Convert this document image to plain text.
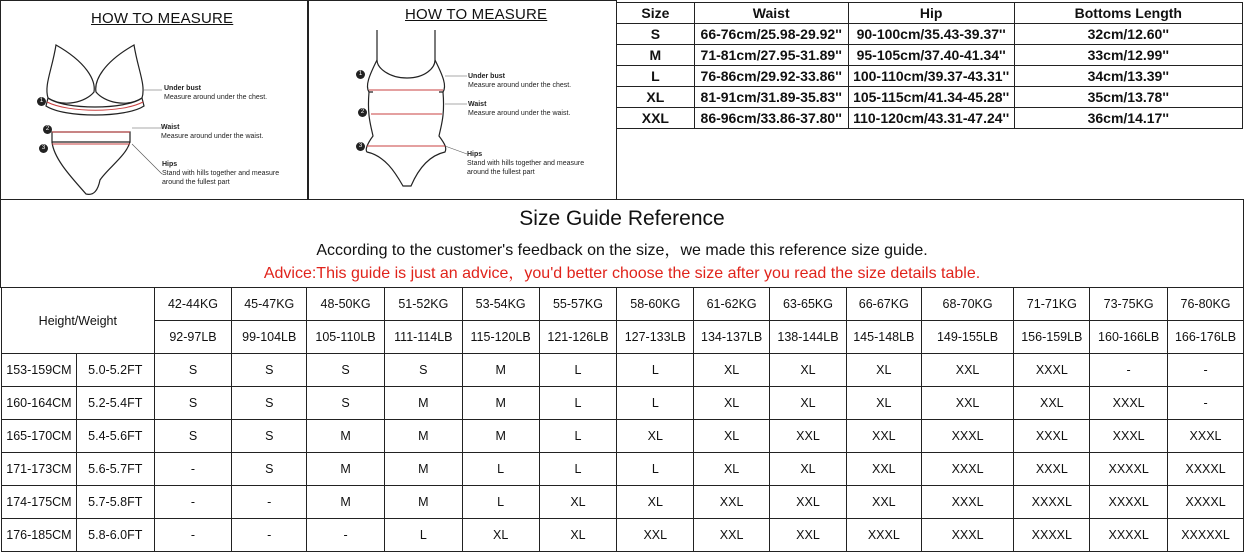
HOW TO MEASURE
1
2
3
Under bust
Measure around under the chest.
Waist
Measure around under the waist.
Hips
Stand with hills together and measure around the fullest part
HOW TO MEASURE
1
2
3
Under bust
Measure around under the chest.
Waist
Measure around under the waist.
Hips
Stand with hills together and measure around the fullest part
Size	Waist	Hip	Bottoms Length
S	66-76cm/25.98-29.92''	90-100cm/35.43-39.37''	32cm/12.60''
M	71-81cm/27.95-31.89''	95-105cm/37.40-41.34''	33cm/12.99''
L	76-86cm/29.92-33.86''	100-110cm/39.37-43.31''	34cm/13.39''
XL	81-91cm/31.89-35.83''	105-115cm/41.34-45.28''	35cm/13.78''
XXL	86-96cm/33.86-37.80''	110-120cm/43.31-47.24''	36cm/14.17''
Size Guide Reference
According to the customer's feedback on the size，we made this reference size guide.
Advice:This guide is just an advice，you'd better choose the size after you read the size details table.
Height/Weight		42-44KG	45-47KG	48-50KG	51-52KG	53-54KG	55-57KG	58-60KG	61-62KG	63-65KG	66-67KG	68-70KG	71-71KG	73-75KG	76-80KG
		92-97LB	99-104LB	105-110LB	111-114LB	115-120LB	121-126LB	127-133LB	134-137LB	138-144LB	145-148LB	149-155LB	156-159LB	160-166LB	166-176LB
153-159CM	5.0-5.2FT	S	S	S	S	M	L	L	XL	XL	XL	XXL	XXXL	-	-
160-164CM	5.2-5.4FT	S	S	S	M	M	L	L	XL	XL	XL	XXL	XXL	XXXL	-
165-170CM	5.4-5.6FT	S	S	M	M	M	L	XL	XL	XXL	XXL	XXXL	XXXL	XXXL	XXXL
171-173CM	5.6-5.7FT	-	S	M	M	L	L	L	XL	XL	XXL	XXXL	XXXL	XXXXL	XXXXL
174-175CM	5.7-5.8FT	-	-	M	M	L	XL	XL	XXL	XXL	XXL	XXXL	XXXXL	XXXXL	XXXXL
176-185CM	5.8-6.0FT	-	-	-	L	XL	XL	XXL	XXL	XXL	XXXL	XXXL	XXXXL	XXXXL	XXXXXL
